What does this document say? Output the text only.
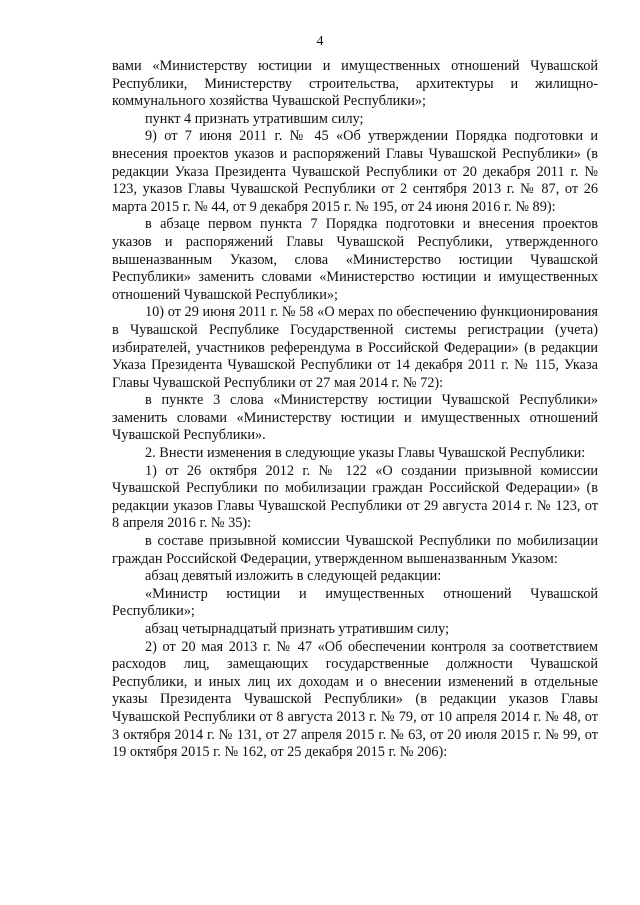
4

вами «Министерству юстиции и имущественных отношений Чувашской Республики, Министерству строительства, архитектуры и жилищно-коммунального хозяйства Чувашской Республики»;

пункт 4 признать утратившим силу;

9) от 7 июня 2011 г. № 45 «Об утверждении Порядка подготовки и внесения проектов указов и распоряжений Главы Чувашской Республики» (в редакции Указа Президента Чувашской Республики от 20 декабря 2011 г. № 123, указов Главы Чувашской Республики от 2 сентября 2013 г. № 87, от 26 марта 2015 г. № 44, от 9 декабря 2015 г. № 195, от 24 июня 2016 г. № 89):

в абзаце первом пункта 7 Порядка подготовки и внесения проектов указов и распоряжений Главы Чувашской Республики, утвержденного вышеназванным Указом, слова «Министерство юстиции Чувашской Республики» заменить словами «Министерство юстиции и имущественных отношений Чувашской Республики»;

10) от 29 июня 2011 г. № 58 «О мерах по обеспечению функционирования в Чувашской Республике Государственной системы регистрации (учета) избирателей, участников референдума в Российской Федерации» (в редакции Указа Президента Чувашской Республики от 14 декабря 2011 г. № 115, Указа Главы Чувашской Республики от 27 мая 2014 г. № 72):

в пункте 3 слова «Министерству юстиции Чувашской Республики» заменить словами «Министерству юстиции и имущественных отношений Чувашской Республики».

2. Внести изменения в следующие указы Главы Чувашской Республики:

1) от 26 октября 2012 г. № 122 «О создании призывной комиссии Чувашской Республики по мобилизации граждан Российской Федерации» (в редакции указов Главы Чувашской Республики от 29 августа 2014 г. № 123, от 8 апреля 2016 г. № 35):

в составе призывной комиссии Чувашской Республики по мобилизации граждан Российской Федерации, утвержденном вышеназванным Указом:

абзац девятый изложить в следующей редакции:

«Министр юстиции и имущественных отношений Чувашской Республики»;

абзац четырнадцатый признать утратившим силу;

2) от 20 мая 2013 г. № 47 «Об обеспечении контроля за соответствием расходов лиц, замещающих государственные должности Чувашской Республики, и иных лиц их доходам и о внесении изменений в отдельные указы Президента Чувашской Республики» (в редакции указов Главы Чувашской Республики от 8 августа 2013 г. № 79, от 10 апреля 2014 г. № 48, от 3 октября 2014 г. № 131, от 27 апреля 2015 г. № 63, от 20 июля 2015 г. № 99, от 19 октября 2015 г. № 162, от 25 декабря 2015 г. № 206):
